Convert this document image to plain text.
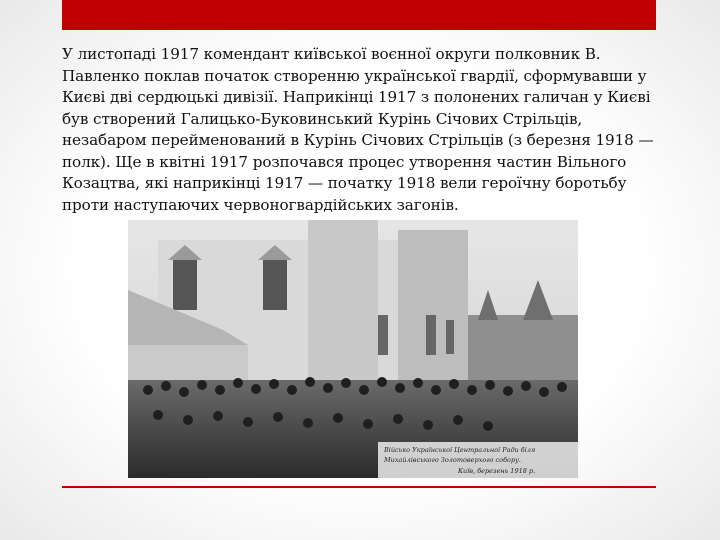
У листопаді 1917 комендант київської воєнної округи полковник В. Павленко поклав початок створенню української гвардії, сформувавши у Києві дві сердюцькі дивізії. Наприкінці 1917 з полонених галичан у Києві був створений Галицько-Буковинський Курінь Січових Стрільців, незабаром перейменований в Курінь Січових Стрільців (з березня 1918 — полк). Ще в квітні 1917 розпочався процес утворення частин Вільного Козацтва, які наприкінці 1917 — початку 1918 вели героїчну боротьбу проти наступаючих червоногвардійських загонів.
Військо Української Центральної Ради біля
Михайлівського Золотоверхого собору.
Київ, березень 1918 р.
